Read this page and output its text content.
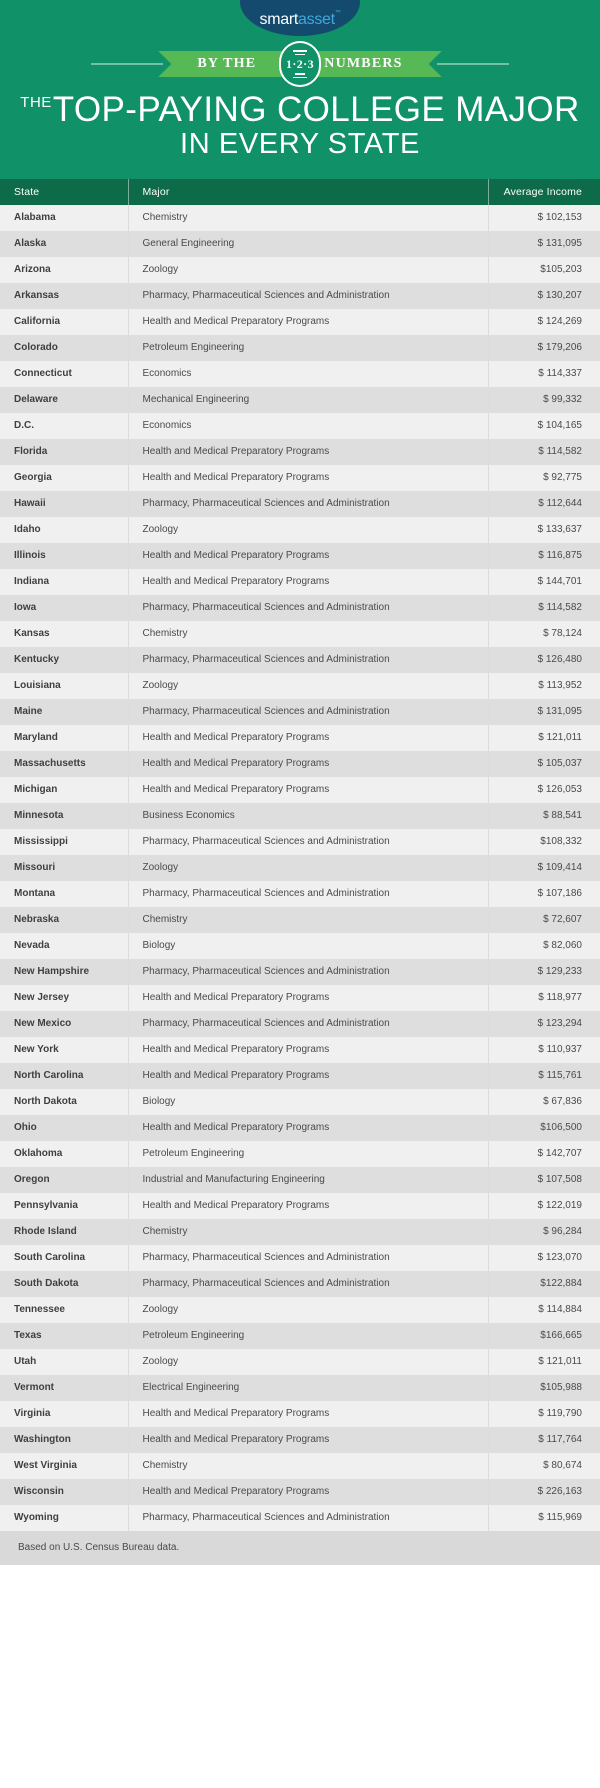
smartasset™
BY THE	NUMBERS
1·2·3
$^{THE}$TOP-PAYING COLLEGE MAJOR
IN EVERY STATE
State	Major	Average Income
Alabama	Chemistry	$ 102,153
Alaska	General Engineering	$ 131,095
Arizona	Zoology	$105,203
Arkansas	Pharmacy, Pharmaceutical Sciences and Administration	$ 130,207
California	Health and Medical Preparatory Programs	$ 124,269
Colorado	Petroleum Engineering	$ 179,206
Connecticut	Economics	$ 114,337
Delaware	Mechanical Engineering	$ 99,332
D.C.	Economics	$ 104,165
Florida	Health and Medical Preparatory Programs	$ 114,582
Georgia	Health and Medical Preparatory Programs	$ 92,775
Hawaii	Pharmacy, Pharmaceutical Sciences and Administration	$ 112,644
Idaho	Zoology	$ 133,637
Illinois	Health and Medical Preparatory Programs	$ 116,875
Indiana	Health and Medical Preparatory Programs	$ 144,701
Iowa	Pharmacy, Pharmaceutical Sciences and Administration	$ 114,582
Kansas	Chemistry	$ 78,124
Kentucky	Pharmacy, Pharmaceutical Sciences and Administration	$ 126,480
Louisiana	Zoology	$ 113,952
Maine	Pharmacy, Pharmaceutical Sciences and Administration	$ 131,095
Maryland	Health and Medical Preparatory Programs	$ 121,011
Massachusetts	Health and Medical Preparatory Programs	$ 105,037
Michigan	Health and Medical Preparatory Programs	$ 126,053
Minnesota	Business Economics	$ 88,541
Mississippi	Pharmacy, Pharmaceutical Sciences and Administration	$108,332
Missouri	Zoology	$ 109,414
Montana	Pharmacy, Pharmaceutical Sciences and Administration	$ 107,186
Nebraska	Chemistry	$ 72,607
Nevada	Biology	$ 82,060
New Hampshire	Pharmacy, Pharmaceutical Sciences and Administration	$ 129,233
New Jersey	Health and Medical Preparatory Programs	$ 118,977
New Mexico	Pharmacy, Pharmaceutical Sciences and Administration	$ 123,294
New York	Health and Medical Preparatory Programs	$ 110,937
North Carolina	Health and Medical Preparatory Programs	$ 115,761
North Dakota	Biology	$ 67,836
Ohio	Health and Medical Preparatory Programs	$106,500
Oklahoma	Petroleum Engineering	$ 142,707
Oregon	Industrial and Manufacturing Engineering	$ 107,508
Pennsylvania	Health and Medical Preparatory Programs	$ 122,019
Rhode Island	Chemistry	$ 96,284
South Carolina	Pharmacy, Pharmaceutical Sciences and Administration	$ 123,070
South Dakota	Pharmacy, Pharmaceutical Sciences and Administration	$122,884
Tennessee	Zoology	$ 114,884
Texas	Petroleum Engineering	$166,665
Utah	Zoology	$ 121,011
Vermont	Electrical Engineering	$105,988
Virginia	Health and Medical Preparatory Programs	$ 119,790
Washington	Health and Medical Preparatory Programs	$ 117,764
West Virginia	Chemistry	$ 80,674
Wisconsin	Health and Medical Preparatory Programs	$ 226,163
Wyoming	Pharmacy, Pharmaceutical Sciences and Administration	$ 115,969
Based on U.S. Census Bureau data.
